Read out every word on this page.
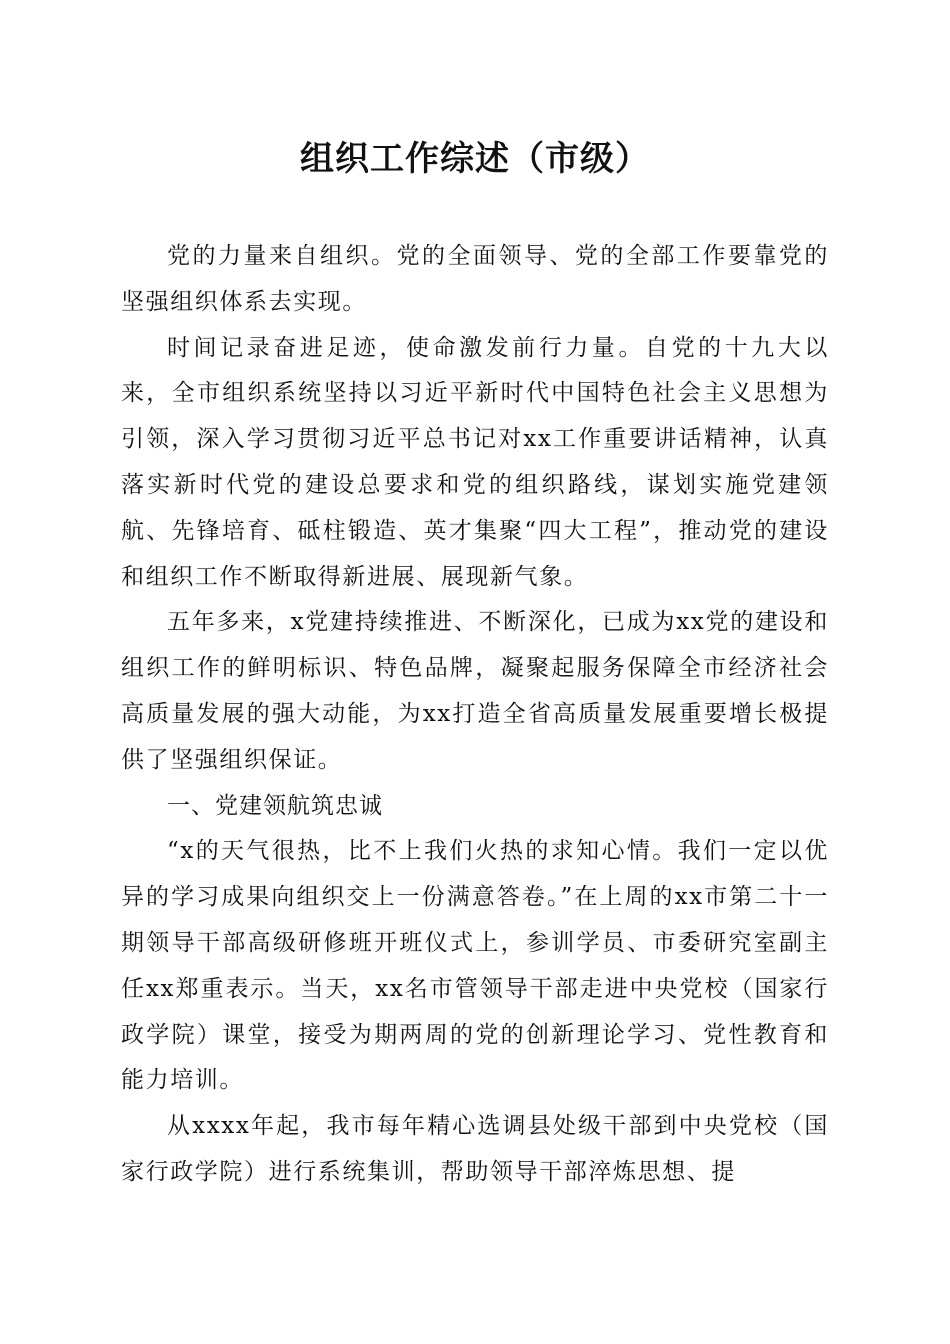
组织工作综述（市级）

党的力量来自组织。党的全面领导、党的全部工作要靠党的坚强组织体系去实现。

时间记录奋进足迹，使命激发前行力量。自党的十九大以来，全市组织系统坚持以习近平新时代中国特色社会主义思想为引领，深入学习贯彻习近平总书记对xx工作重要讲话精神，认真落实新时代党的建设总要求和党的组织路线，谋划实施党建领航、先锋培育、砥柱锻造、英才集聚“四大工程”，推动党的建设和组织工作不断取得新进展、展现新气象。

五年多来，x党建持续推进、不断深化，已成为xx党的建设和组织工作的鲜明标识、特色品牌，凝聚起服务保障全市经济社会高质量发展的强大动能，为xx打造全省高质量发展重要增长极提供了坚强组织保证。

一、党建领航筑忠诚

“x的天气很热，比不上我们火热的求知心情。我们一定以优异的学习成果向组织交上一份满意答卷。”在上周的xx市第二十一期领导干部高级研修班开班仪式上，参训学员、市委研究室副主任xx郑重表示。当天，xx名市管领导干部走进中央党校（国家行政学院）课堂，接受为期两周的党的创新理论学习、党性教育和能力培训。

从xxxx年起，我市每年精心选调县处级干部到中央党校（国家行政学院）进行系统集训，帮助领导干部淬炼思想、提
